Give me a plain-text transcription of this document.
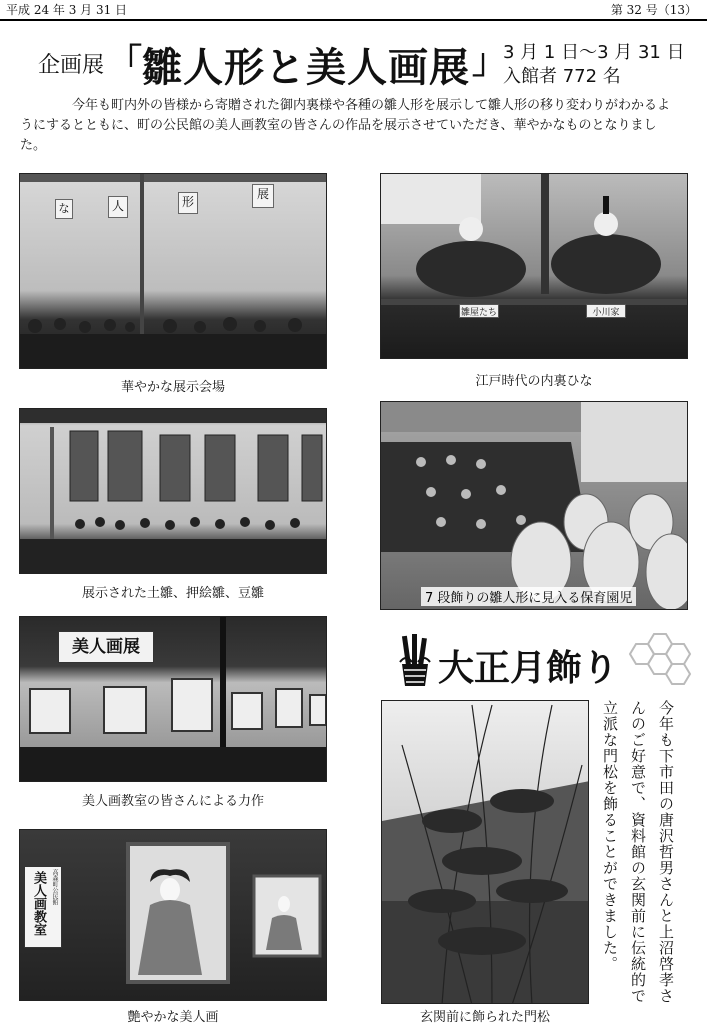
平成 24 年 3 月 31 日	第 32 号（13）
企画展 「 雛人形と美人画展 」
3 月 1 日〜3 月 31 日
入館者 772 名

今年も町内外の皆様から寄贈された御内裏様や各種の雛人形を展示して雛人形の移り変わりがわかるようにするとともに、町の公民館の美人画教室の皆さんの作品を展示させていただき、華やかなものとなりました。

な	人	形
展
華やかな展示会場
雛屋たち	小川家
江戸時代の内裏ひな
展示された土雛、押絵雛、豆雛	7 段飾りの雛人形に見入る保育園児
美人画展
美人画教室の皆さんによる力作
高森町公民館
美人画教室
艶やかな美人画
大正月飾り
玄関前に飾られた門松
今年も下市田の唐沢哲男さんと上沼啓孝さんのご好意で、資料館の玄関前に伝統的で立派な門松を飾ることができました。
